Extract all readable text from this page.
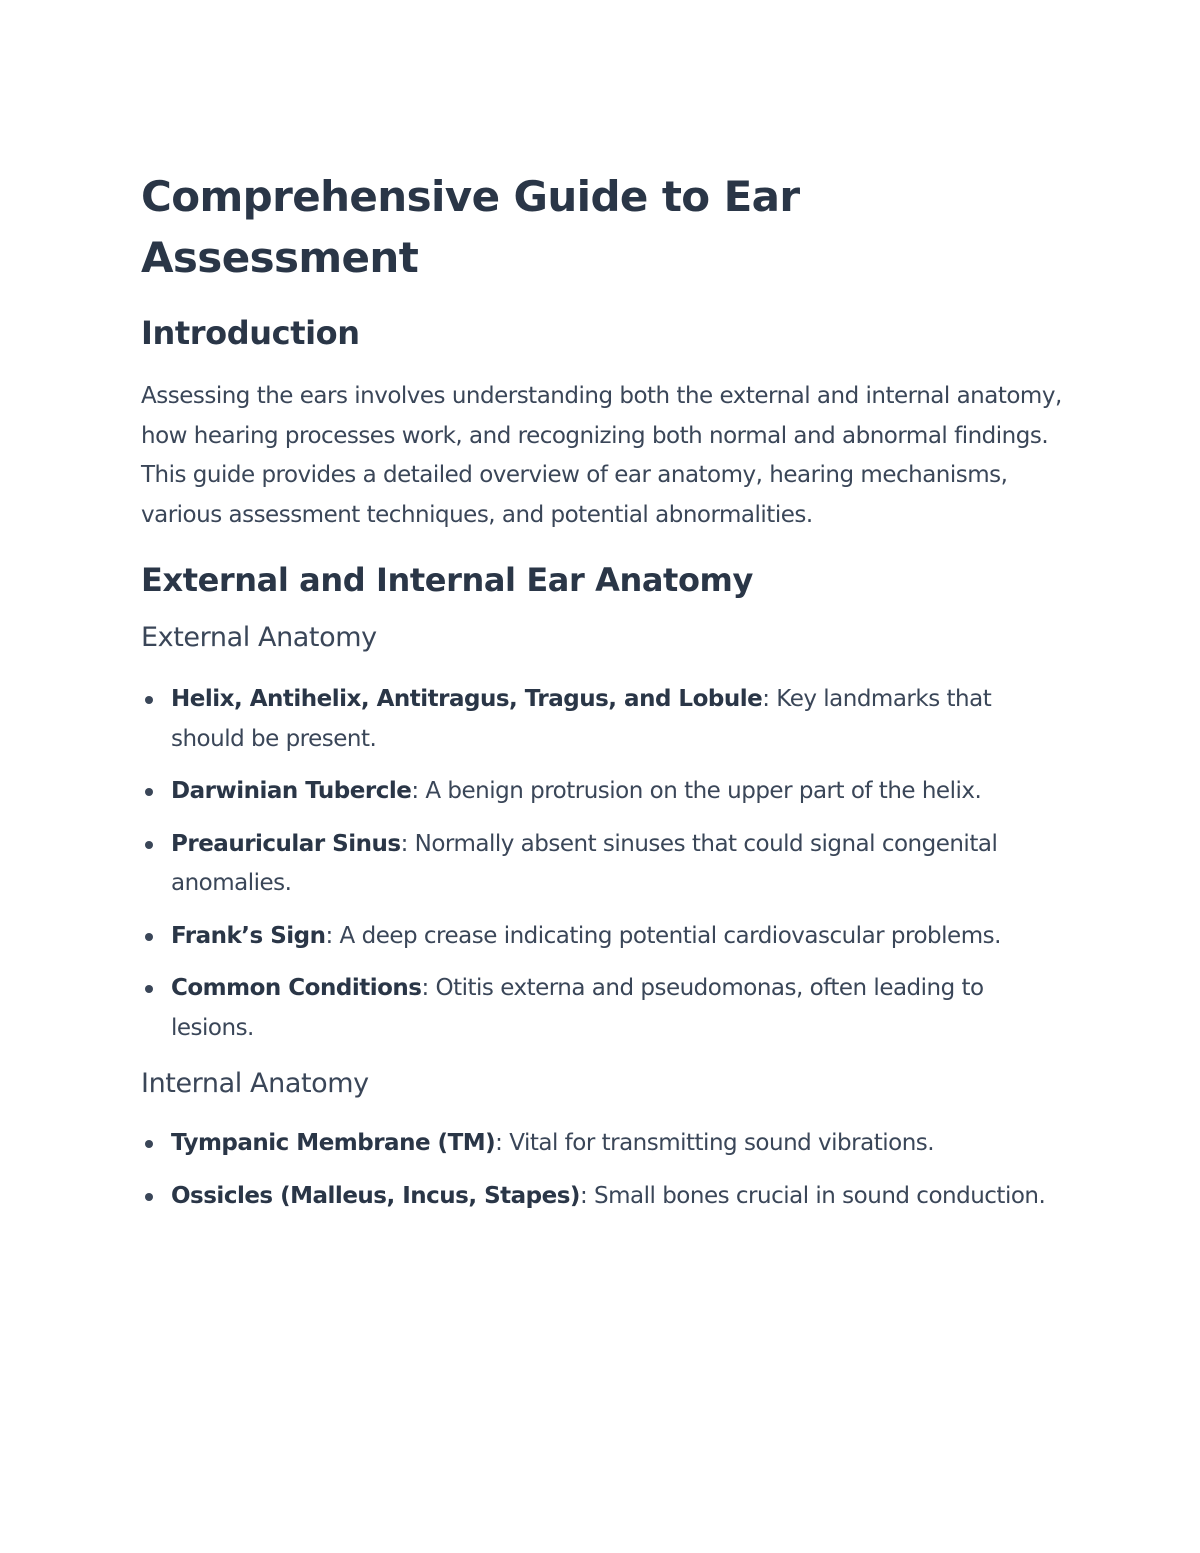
Comprehensive Guide to Ear Assessment
Introduction

Assessing the ears involves understanding both the external and internal anatomy, how hearing processes work, and recognizing both normal and abnormal findings. This guide provides a detailed overview of ear anatomy, hearing mechanisms, various assessment techniques, and potential abnormalities.

External and Internal Ear Anatomy
External Anatomy
Helix, Antihelix, Antitragus, Tragus, and Lobule: Key landmarks that should be present.
Darwinian Tubercle: A benign protrusion on the upper part of the helix.
Preauricular Sinus: Normally absent sinuses that could signal congenital anomalies.
Frank’s Sign: A deep crease indicating potential cardiovascular problems.
Common Conditions: Otitis externa and pseudomonas, often leading to lesions.
Internal Anatomy
Tympanic Membrane (TM): Vital for transmitting sound vibrations.
Ossicles (Malleus, Incus, Stapes): Small bones crucial in sound conduction.
